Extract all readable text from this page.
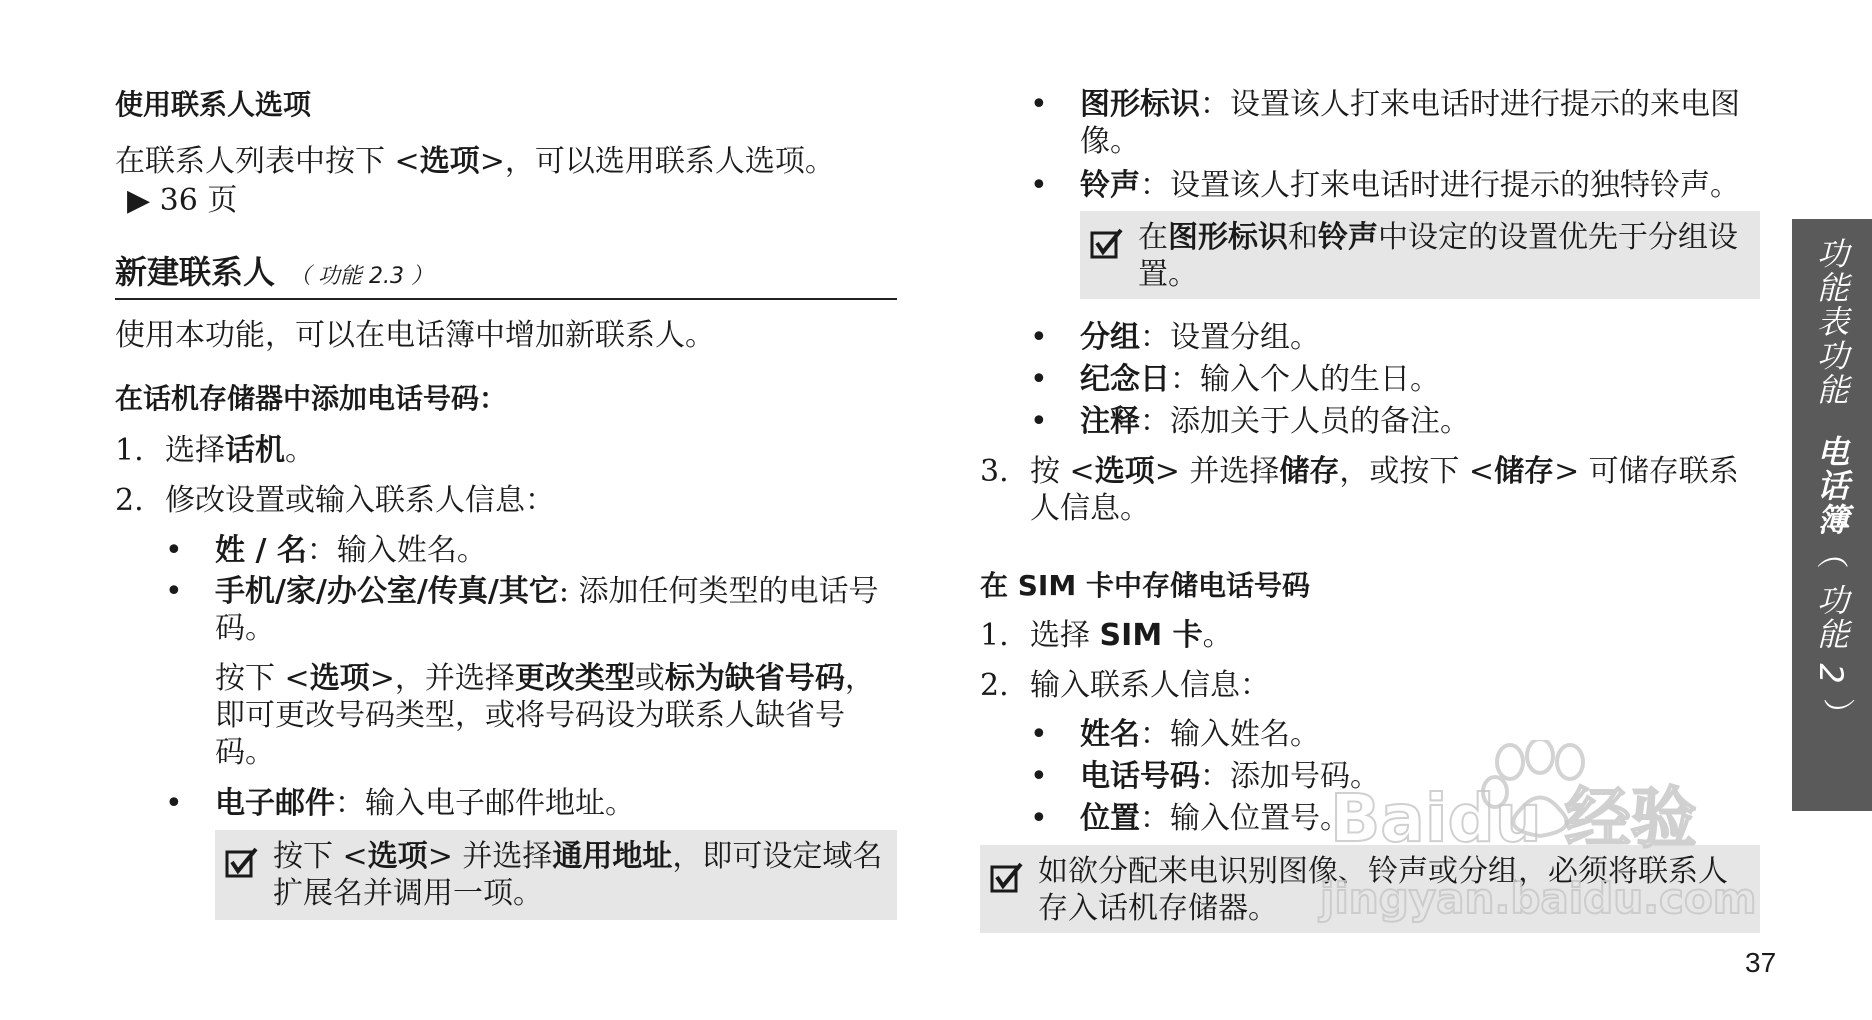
使用联系人选项
在联系人列表中按下 <选项>，可以选用联系人选项。
▶ 36 页
新建联系人 （ 功能 2.3 ）
使用本功能，可以在电话簿中增加新联系人。
在话机存储器中添加电话号码：
1. 选择话机。
2. 修改设置或输入联系人信息：
• 姓 / 名：输入姓名。
• 手机/家/办公室/传真/其它: 添加任何类型的电话号码。
按下 <选项>，并选择更改类型或标为缺省号码，即可更改号码类型，或将号码设为联系人缺省号码。
• 电子邮件：输入电子邮件地址。
按下 <选项> 并选择通用地址，即可设定域名扩展名并调用一项。
• 图形标识：设置该人打来电话时进行提示的来电图像。
• 铃声：设置该人打来电话时进行提示的独特铃声。
在图形标识和铃声中设定的设置优先于分组设置。
• 分组：设置分组。
• 纪念日：输入个人的生日。
• 注释：添加关于人员的备注。
3. 按 <选项> 并选择储存，或按下 <储存> 可储存联系人信息。
在 SIM 卡中存储电话号码
1. 选择 SIM 卡。
2. 输入联系人信息：
• 姓名：输入姓名。
• 电话号码：添加号码。
• 位置：输入位置号。
如欲分配来电识别图像、铃声或分组，必须将联系人存入话机存储器。
功能表功能电话簿（ 功能 2 ）
37
Baidu 经验
